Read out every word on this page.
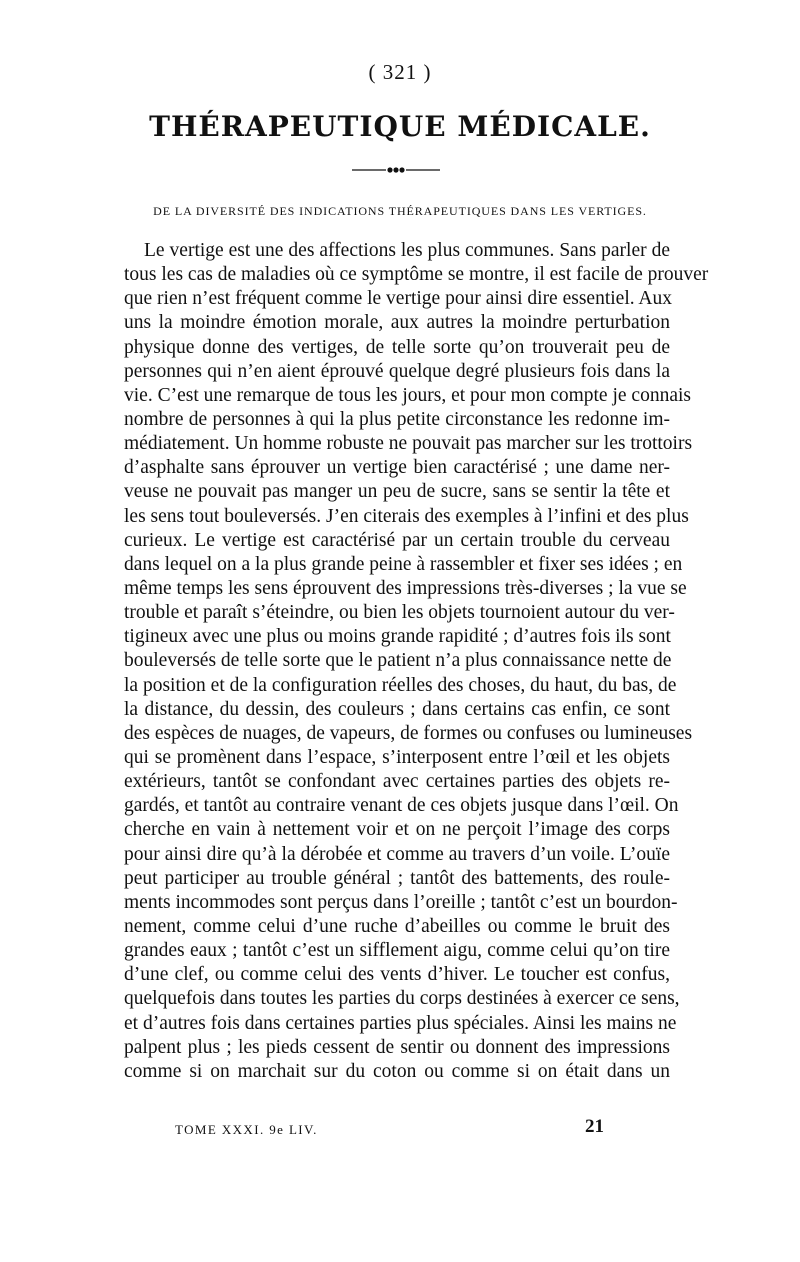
( 321 )
THÉRAPEUTIQUE MÉDICALE.
DE LA DIVERSITÉ DES INDICATIONS THÉRAPEUTIQUES DANS LES VERTIGES.
Le vertige est une des affections les plus communes. Sans parler de
tous les cas de maladies où ce symptôme se montre, il est facile de prouver
que rien n’est fréquent comme le vertige pour ainsi dire essentiel. Aux
uns la moindre émotion morale, aux autres la moindre perturbation
physique donne des vertiges, de telle sorte qu’on trouverait peu de
personnes qui n’en aient éprouvé quelque degré plusieurs fois dans la
vie. C’est une remarque de tous les jours, et pour mon compte je connais
nombre de personnes à qui la plus petite circonstance les redonne im-
médiatement. Un homme robuste ne pouvait pas marcher sur les trottoirs
d’asphalte sans éprouver un vertige bien caractérisé ; une dame ner-
veuse ne pouvait pas manger un peu de sucre, sans se sentir la tête et
les sens tout bouleversés. J’en citerais des exemples à l’infini et des plus
curieux. Le vertige est caractérisé par un certain trouble du cerveau
dans lequel on a la plus grande peine à rassembler et fixer ses idées ; en
même temps les sens éprouvent des impressions très-diverses ; la vue se
trouble et paraît s’éteindre, ou bien les objets tournoient autour du ver-
tigineux avec une plus ou moins grande rapidité ; d’autres fois ils sont
bouleversés de telle sorte que le patient n’a plus connaissance nette de
la position et de la configuration réelles des choses, du haut, du bas, de
la distance, du dessin, des couleurs ; dans certains cas enfin, ce sont
des espèces de nuages, de vapeurs, de formes ou confuses ou lumineuses
qui se promènent dans l’espace, s’interposent entre l’œil et les objets
extérieurs, tantôt se confondant avec certaines parties des objets re-
gardés, et tantôt au contraire venant de ces objets jusque dans l’œil. On
cherche en vain à nettement voir et on ne perçoit l’image des corps
pour ainsi dire qu’à la dérobée et comme au travers d’un voile. L’ouïe
peut participer au trouble général ; tantôt des battements, des roule-
ments incommodes sont perçus dans l’oreille ; tantôt c’est un bourdon-
nement, comme celui d’une ruche d’abeilles ou comme le bruit des
grandes eaux ; tantôt c’est un sifflement aigu, comme celui qu’on tire
d’une clef, ou comme celui des vents d’hiver. Le toucher est confus,
quelquefois dans toutes les parties du corps destinées à exercer ce sens,
et d’autres fois dans certaines parties plus spéciales. Ainsi les mains ne
palpent plus ; les pieds cessent de sentir ou donnent des impressions
comme si on marchait sur du coton ou comme si on était dans un
TOME XXXI. 9e LIV.	21
